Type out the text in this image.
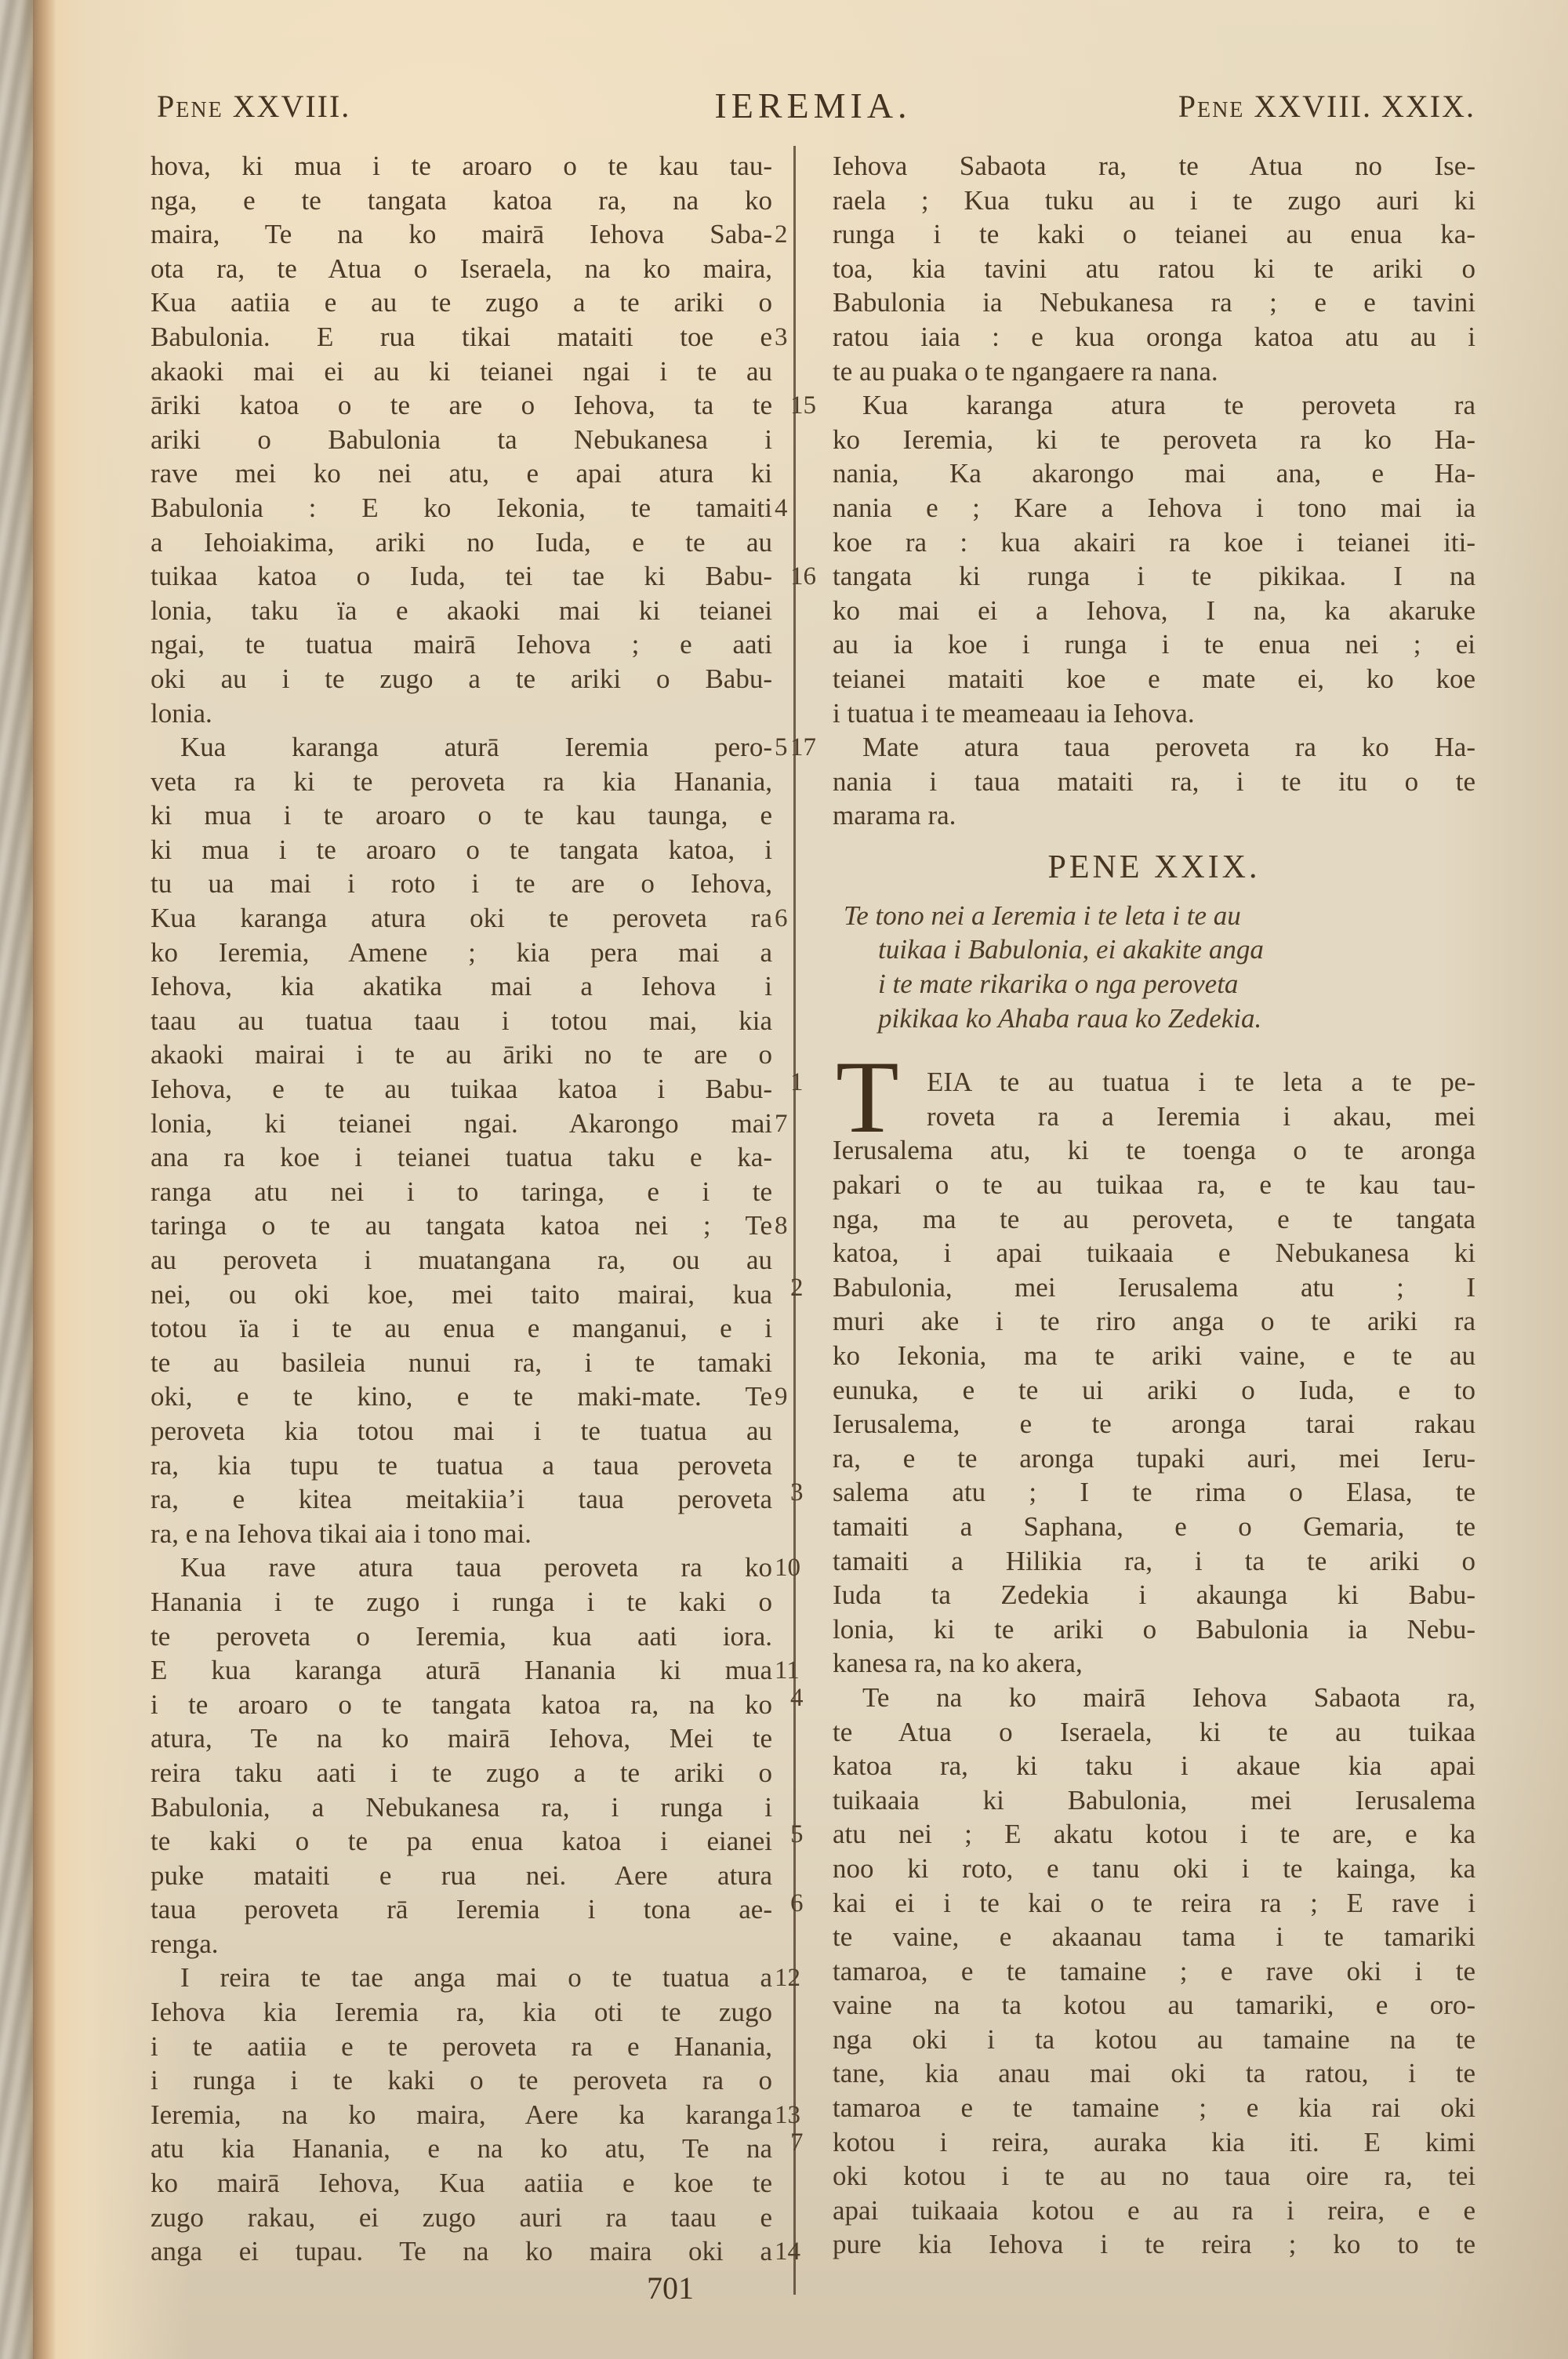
Pene XXVIII.	IEREMIA.	Pene XXVIII. XXIX.
hova, ki mua i te aroaro o te kau tau-
nga, e te tangata katoa ra, na ko
maira, Te na ko mairā Iehova Saba- 2
ota ra, te Atua o Iseraela, na ko maira,
Kua aatiia e au te zugo a te ariki o
Babulonia. E rua tikai mataiti toe e 3
akaoki mai ei au ki teianei ngai i te au
āriki katoa o te are o Iehova, ta te
ariki o Babulonia ta Nebukanesa i
rave mei ko nei atu, e apai atura ki
Babulonia : E ko Iekonia, te tamaiti 4
a Iehoiakima, ariki no Iuda, e te au
tuikaa katoa o Iuda, tei tae ki Babu-
lonia, taku ïa e akaoki mai ki teianei
ngai, te tuatua mairā Iehova ; e aati
oki au i te zugo a te ariki o Babu-
lonia.
Kua karanga aturā Ieremia pero- 5
veta ra ki te peroveta ra kia Hanania,
ki mua i te aroaro o te kau taunga, e
ki mua i te aroaro o te tangata katoa, i
tu ua mai i roto i te are o Iehova,
Kua karanga atura oki te peroveta ra 6
ko Ieremia, Amene ; kia pera mai a
Iehova, kia akatika mai a Iehova i
taau au tuatua taau i totou mai, kia
akaoki mairai i te au āriki no te are o
Iehova, e te au tuikaa katoa i Babu-
lonia, ki teianei ngai. Akarongo mai 7
ana ra koe i teianei tuatua taku e ka-
ranga atu nei i to taringa, e i te
taringa o te au tangata katoa nei ; Te 8
au peroveta i muatangana ra, ou au
nei, ou oki koe, mei taito mairai, kua
totou ïa i te au enua e manganui, e i
te au basileia nunui ra, i te tamaki
oki, e te kino, e te maki-mate. Te 9
peroveta kia totou mai i te tuatua au
ra, kia tupu te tuatua a taua peroveta
ra, e kitea meitakiia’i taua peroveta
ra, e na Iehova tikai aia i tono mai.
Kua rave atura taua peroveta ra ko 10
Hanania i te zugo i runga i te kaki o
te peroveta o Ieremia, kua aati iora.
E kua karanga aturā Hanania ki mua 11
i te aroaro o te tangata katoa ra, na ko
atura, Te na ko mairā Iehova, Mei te
reira taku aati i te zugo a te ariki o
Babulonia, a Nebukanesa ra, i runga i
te kaki o te pa enua katoa i eianei
puke mataiti e rua nei. Aere atura
taua peroveta rā Ieremia i tona ae-
renga.
I reira te tae anga mai o te tuatua a 12
Iehova kia Ieremia ra, kia oti te zugo
i te aatiia e te peroveta ra e Hanania,
i runga i te kaki o te peroveta ra o
Ieremia, na ko maira, Aere ka karanga 13
atu kia Hanania, e na ko atu, Te na
ko mairā Iehova, Kua aatiia e koe te
zugo rakau, ei zugo auri ra taau e
anga ei tupau. Te na ko maira oki a 14
Iehova Sabaota ra, te Atua no Ise-
raela ; Kua tuku au i te zugo auri ki
runga i te kaki o teianei au enua ka-
toa, kia tavini atu ratou ki te ariki o
Babulonia ia Nebukanesa ra ; e e tavini
ratou iaia : e kua oronga katoa atu au i
te au puaka o te ngangaere ra nana.
Kua karanga atura te peroveta ra
15
ko Ieremia, ki te peroveta ra ko Ha-
nania, Ka akarongo mai ana, e Ha-
nania e ; Kare a Iehova i tono mai ia
koe ra : kua akairi ra koe i teianei iti-
tangata ki runga i te pikikaa. I na
16
ko mai ei a Iehova, I na, ka akaruke
au ia koe i runga i te enua nei ; ei
teianei mataiti koe e mate ei, ko koe
i tuatua i te meameaau ia Iehova.
Mate atura taua peroveta ra ko Ha-
17
nania i taua mataiti ra, i te itu o te
marama ra.
PENE XXIX.
Te tono nei a Ieremia i te leta i te au
tuikaa i Babulonia, ei akakite anga
i te mate rikarika o nga peroveta
pikikaa ko Ahaba raua ko Zedekia.
T	EIA te au tuatua i te leta a te pe-
1
roveta ra a Ieremia i akau, mei
Ierusalema atu, ki te toenga o te aronga
pakari o te au tuikaa ra, e te kau tau-
nga, ma te au peroveta, e te tangata
katoa, i apai tuikaaia e Nebukanesa ki
Babulonia, mei Ierusalema atu ; I
2
muri ake i te riro anga o te ariki ra
ko Iekonia, ma te ariki vaine, e te au
eunuka, e te ui ariki o Iuda, e to
Ierusalema, e te aronga tarai rakau
ra, e te aronga tupaki auri, mei Ieru-
salema atu ; I te rima o Elasa, te
3
tamaiti a Saphana, e o Gemaria, te
tamaiti a Hilikia ra, i ta te ariki o
Iuda ta Zedekia i akaunga ki Babu-
lonia, ki te ariki o Babulonia ia Nebu-
kanesa ra, na ko akera,
Te na ko mairā Iehova Sabaota ra,
4
te Atua o Iseraela, ki te au tuikaa
katoa ra, ki taku i akaue kia apai
tuikaaia ki Babulonia, mei Ierusalema
atu nei ; E akatu kotou i te are, e ka
5
noo ki roto, e tanu oki i te kainga, ka
kai ei i te kai o te reira ra ; E rave i
6
te vaine, e akaanau tama i te tamariki
tamaroa, e te tamaine ; e rave oki i te
vaine na ta kotou au tamariki, e oro-
nga oki i ta kotou au tamaine na te
tane, kia anau mai oki ta ratou, i te
tamaroa e te tamaine ; e kia rai oki
kotou i reira, auraka kia iti. E kimi
7
oki kotou i te au no taua oire ra, tei
apai tuikaaia kotou e au ra i reira, e e
pure kia Iehova i te reira ; ko to te
701
